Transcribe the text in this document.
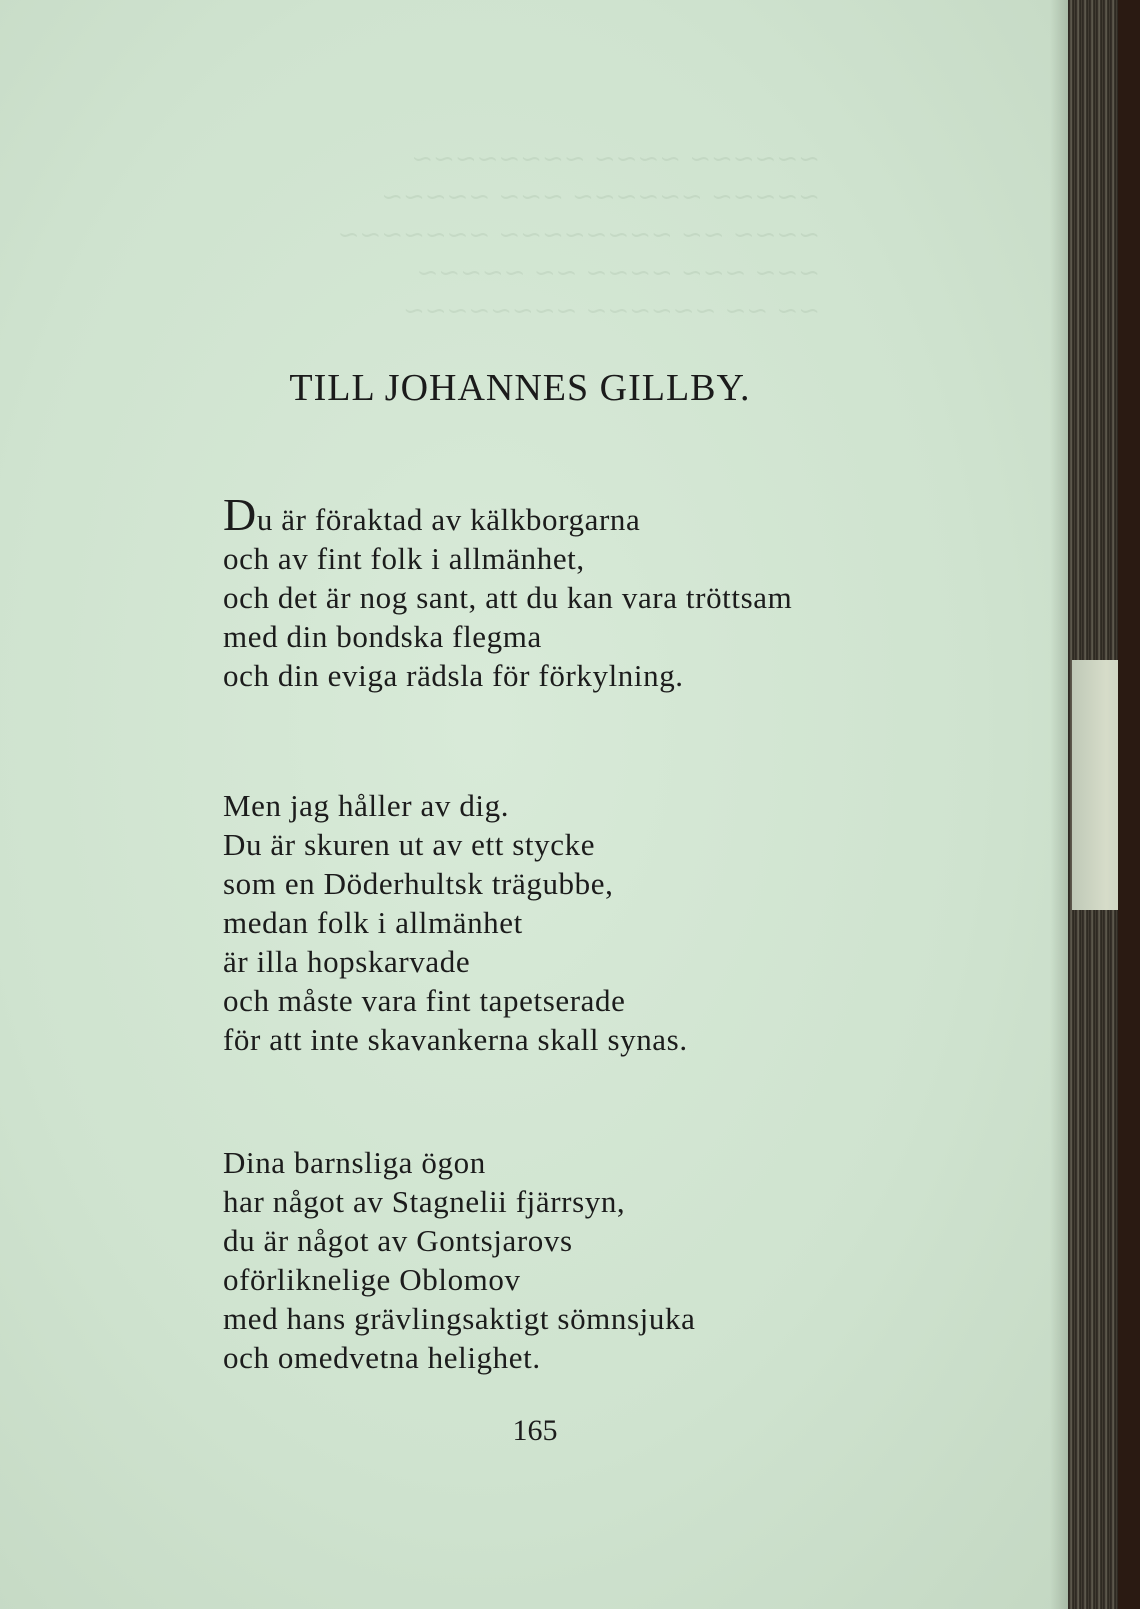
~~~~~~ ~~~~ ~~~~~~~~
~~~~~ ~~~~~~ ~~~ ~~~~~
~~~~ ~~ ~~~~~~~~ ~~~~~~~
~~~ ~~~ ~~~~ ~~ ~~~~~
~~ ~~ ~~~~~~ ~~~~~~~~
TILL JOHANNES GILLBY.
Du är föraktad av kälkborgarna
och av fint folk i allmänhet,
och det är nog sant, att du kan vara tröttsam
med din bondska flegma
och din eviga rädsla för förkylning.
Men jag håller av dig.
Du är skuren ut av ett stycke
som en Döderhultsk trägubbe,
medan folk i allmänhet
är illa hopskarvade
och måste vara fint tapetserade
för att inte skavankerna skall synas.
Dina barnsliga ögon
har något av Stagnelii fjärrsyn,
du är något av Gontsjarovs
oförliknelige Oblomov
med hans grävlingsaktigt sömnsjuka
och omedvetna helighet.
165
